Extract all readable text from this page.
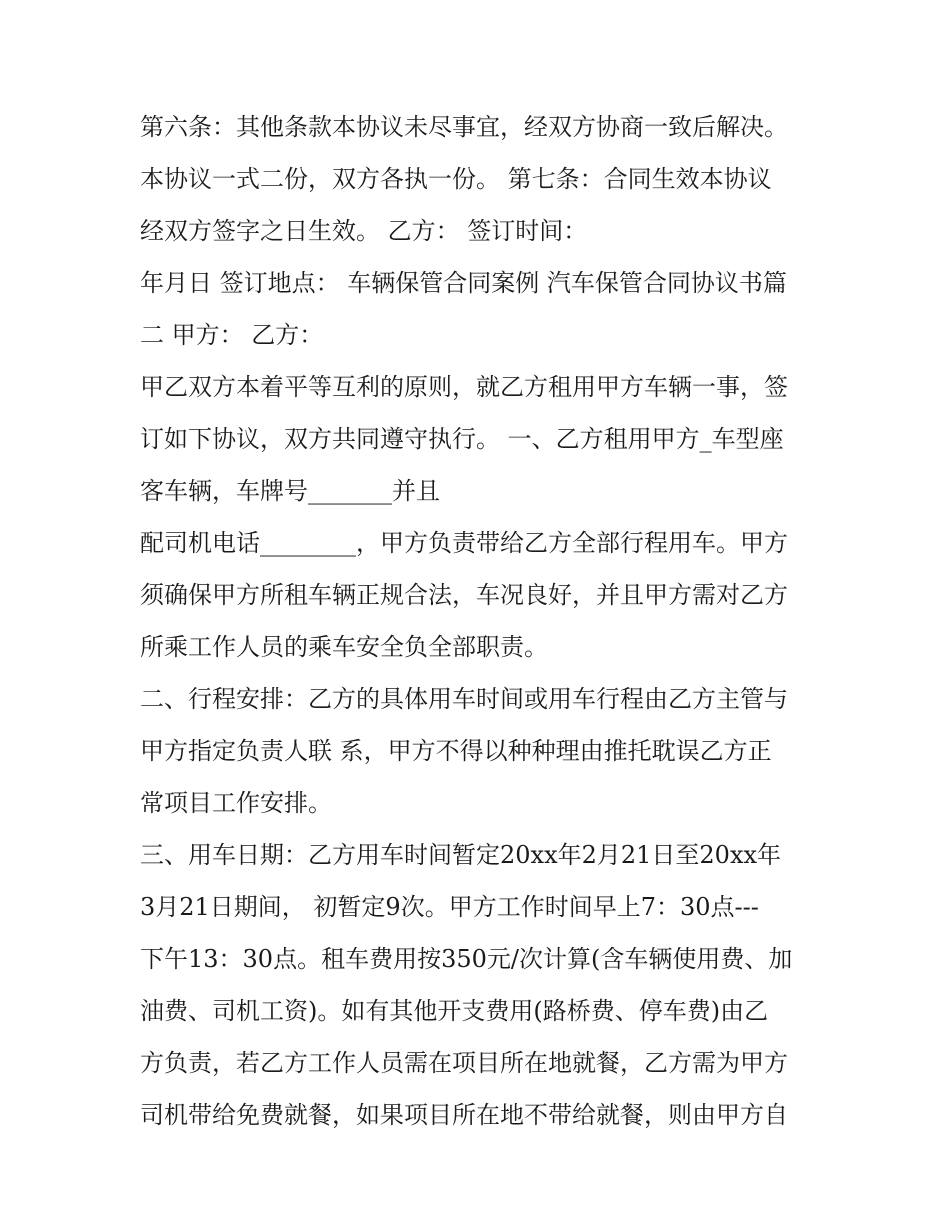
第六条：其他条款本协议未尽事宜，经双方协商一致后解决。
本协议一式二份，双方各执一份。 第七条：合同生效本协议
经双方签字之日生效。 乙方： 签订时间：
年月日 签订地点： 车辆保管合同案例 汽车保管合同协议书篇
二 甲方： 乙方：
甲乙双方本着平等互利的原则，就乙方租用甲方车辆一事，签
订如下协议，双方共同遵守执行。 一、乙方租用甲方_车型座
客车辆，车牌号_______并且
配司机电话________，甲方负责带给乙方全部行程用车。甲方
须确保甲方所租车辆正规合法，车况良好，并且甲方需对乙方
所乘工作人员的乘车安全负全部职责。
二、行程安排：乙方的具体用车时间或用车行程由乙方主管与
甲方指定负责人联 系，甲方不得以种种理由推托耽误乙方正
常项目工作安排。
三、用车日期：乙方用车时间暂定20xx年2月21日至20xx年
3月21日期间， 初暂定9次。甲方工作时间早上7：30点---
下午13：30点。租车费用按350元/次计算(含车辆使用费、加
油费、司机工资)。如有其他开支费用(路桥费、停车费)由乙
方负责，若乙方工作人员需在项目所在地就餐，乙方需为甲方
司机带给免费就餐，如果项目所在地不带给就餐，则由甲方自
